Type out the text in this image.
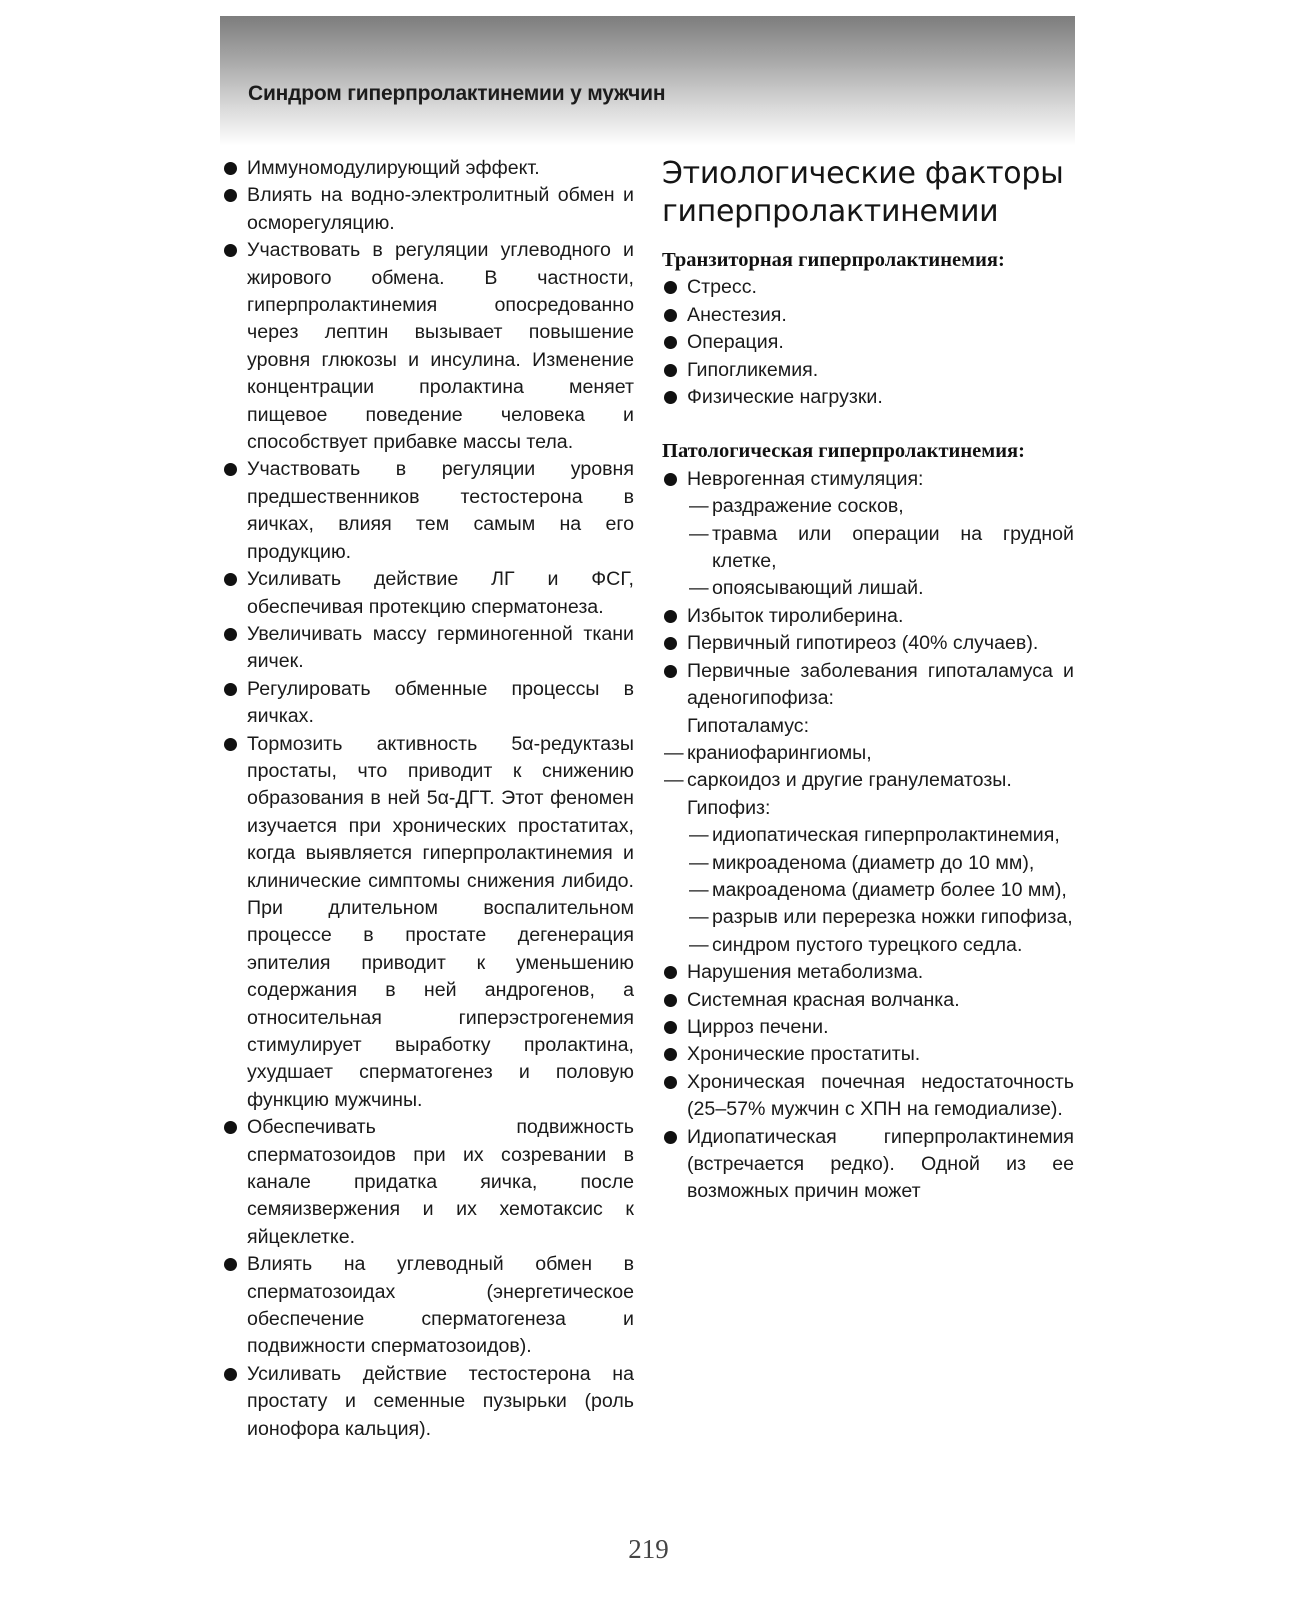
Синдром гиперпролактинемии у мужчин
Иммуномодулирующий эффект.
Влиять на водно-электролитный обмен и осморегуляцию.
Участвовать в регуляции углеводного и жирового обмена. В частности, гиперпролактинемия опосредованно через лептин вызывает повышение уровня глюкозы и инсулина. Изменение концентрации пролактина меняет пищевое поведение человека и способствует прибавке массы тела.
Участвовать в регуляции уровня предшественников тестостерона в яичках, влияя тем самым на его продукцию.
Усиливать действие ЛГ и ФСГ, обеспечивая протекцию сперматонеза.
Увеличивать массу герминогенной ткани яичек.
Регулировать обменные процессы в яичках.
Тормозить активность 5α-редуктазы простаты, что приводит к снижению образования в ней 5α-ДГТ. Этот феномен изучается при хронических простатитах, когда выявляется гиперпролактинемия и клинические симптомы снижения либидо. При длительном воспалительном процессе в простате дегенерация эпителия приводит к уменьшению содержания в ней андрогенов, а относительная гиперэстрогенемия стимулирует выработку пролактина, ухудшает сперматогенез и половую функцию мужчины.
Обеспечивать подвижность сперматозоидов при их созревании в канале придатка яичка, после семяизвержения и их хемотаксис к яйцеклетке.
Влиять на углеводный обмен в сперматозоидах (энергетическое обеспечение сперматогенеза и подвижности сперматозоидов).
Усиливать действие тестостерона на простату и семенные пузырьки (роль ионофора кальция).
Этиологические факторы гиперпролактинемии
Транзиторная гиперпролактинемия:
Стресс.
Анестезия.
Операция.
Гипогликемия.
Физические нагрузки.
Патологическая гиперпролактинемия:
Неврогенная стимуляция:
— раздражение сосков,
— травма или операции на грудной клетке,
— опоясывающий лишай.
Избыток тиролиберина.
Первичный гипотиреоз (40% случаев).
Первичные заболевания гипоталамуса и аденогипофиза:
Гипоталамус:
— краниофарингиомы,
— саркоидоз и другие гранулематозы.
Гипофиз:
— идиопатическая гиперпролактинемия,
— микроаденома (диаметр до 10 мм),
— макроаденома (диаметр более 10 мм),
— разрыв или перерезка ножки гипофиза,
— синдром пустого турецкого седла.
Нарушения метаболизма.
Системная красная волчанка.
Цирроз печени.
Хронические простатиты.
Хроническая почечная недостаточность (25–57% мужчин с ХПН на гемодиализе).
Идиопатическая гиперпролактинемия (встречается редко). Одной из ее возможных причин может
219
